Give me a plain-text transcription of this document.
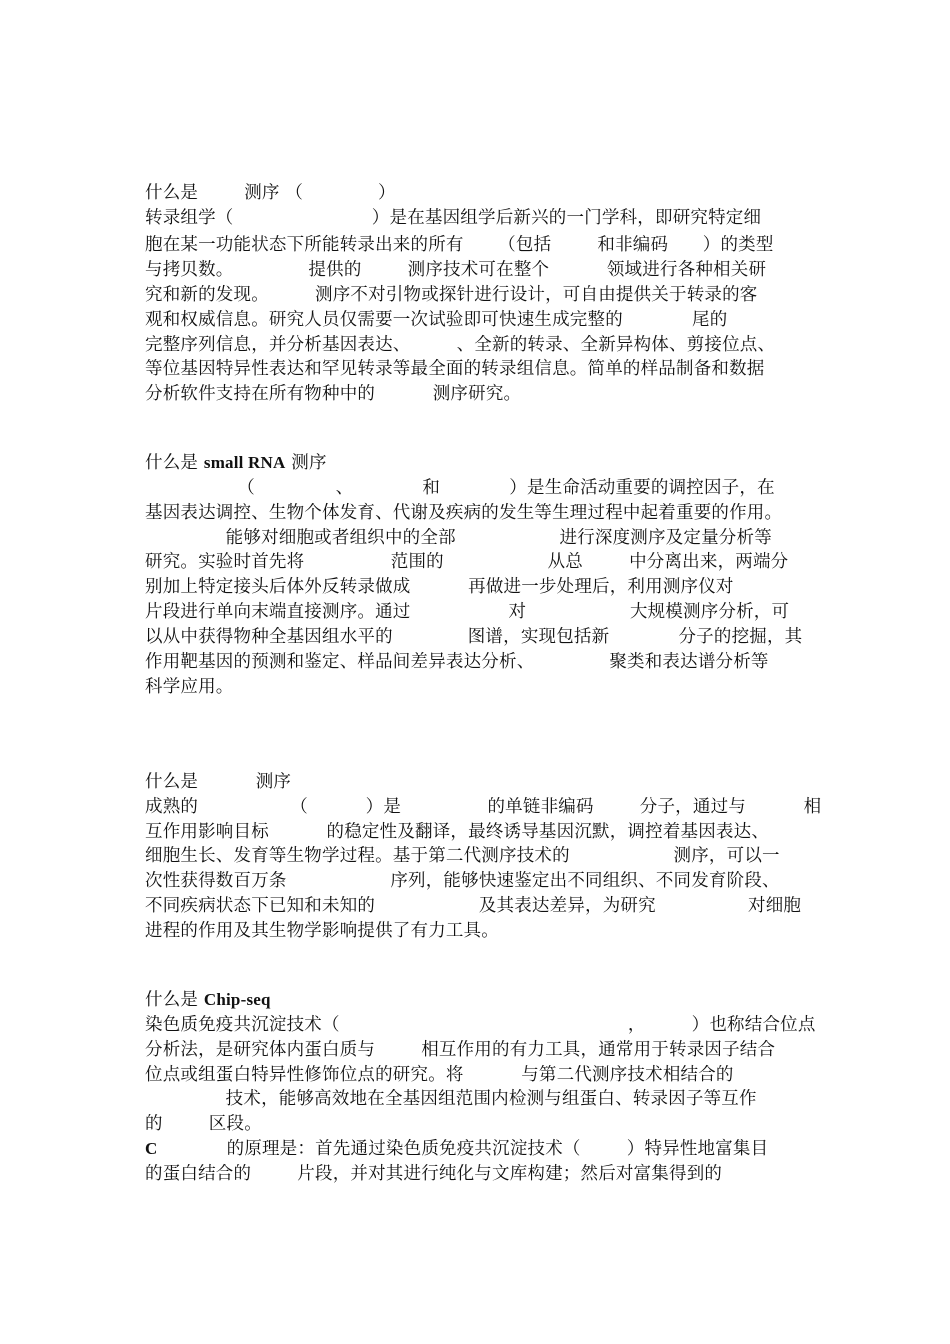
什么是        测序 （             ）
转录组学（                        ）是在基因组学后新兴的一门学科，即研究特定细
胞在某一功能状态下所能转录出来的所有      （包括        和非编码      ）的类型
与拷贝数。             提供的        测序技术可在整个          领域进行各种相关研
究和新的发现。        测序不对引物或探针进行设计，可自由提供关于转录的客
观和权威信息。研究人员仅需要一次试验即可快速生成完整的            尾的
完整序列信息，并分析基因表达、        、全新的转录、全新异构体、剪接位点、
等位基因特异性表达和罕见转录等最全面的转录组信息。简单的样品制备和数据
分析软件支持在所有物种中的          测序研究。
什么是 small RNA 测序
（              、            和            ）是生命活动重要的调控因子，在
基因表达调控、生物个体发育、代谢及疾病的发生等生理过程中起着重要的作用。
能够对细胞或者组织中的全部                  进行深度测序及定量分析等
研究。实验时首先将               范围的                  从总        中分离出来，两端分
别加上特定接头后体外反转录做成          再做进一步处理后，利用测序仪对
片段进行单向末端直接测序。通过                 对                  大规模测序分析，可
以从中获得物种全基因组水平的             图谱，实现包括新            分子的挖掘，其
作用靶基因的预测和鉴定、样品间差异表达分析、             聚类和表达谱分析等
科学应用。
什么是          测序
成熟的                （          ）是               的单链非编码        分子，通过与          相
互作用影响目标          的稳定性及翻译，最终诱导基因沉默，调控着基因表达、
细胞生长、发育等生物学过程。基于第二代测序技术的                  测序，可以一
次性获得数百万条                  序列，能够快速鉴定出不同组织、不同发育阶段、
不同疾病状态下已知和未知的                  及其表达差异，为研究                对细胞
进程的作用及其生物学影响提供了有力工具。
什么是 Chip-seq
染色质免疫共沉淀技术（                                                  ，        ）也称结合位点
分析法，是研究体内蛋白质与        相互作用的有力工具，通常用于转录因子结合
位点或组蛋白特异性修饰位点的研究。将          与第二代测序技术相结合的
技术，能够高效地在全基因组范围内检测与组蛋白、转录因子等互作
的        区段。
C            的原理是：首先通过染色质免疫共沉淀技术（        ）特异性地富集目
的蛋白结合的        片段，并对其进行纯化与文库构建；然后对富集得到的
